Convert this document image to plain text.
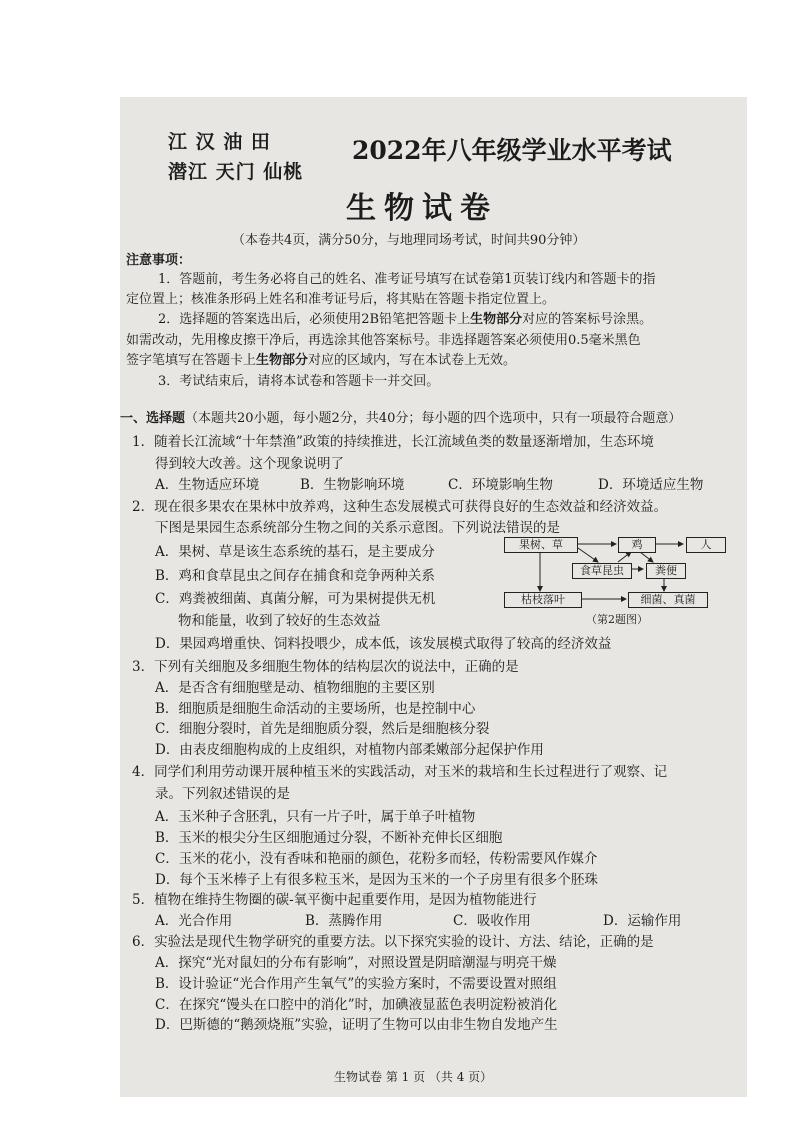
江 汉 油 田
潜江 天门 仙桃
2022年八年级学业水平考试
生物试卷
（本卷共4页，满分50分，与地理同场考试，时间共90分钟）
注意事项：
1．答题前，考生务必将自己的姓名、准考证号填写在试卷第1页装订线内和答题卡的指
定位置上；核准条形码上姓名和准考证号后，将其贴在答题卡指定位置上。
2．选择题的答案选出后，必须使用2B铅笔把答题卡上生物部分对应的答案标号涂黑。
如需改动，先用橡皮擦干净后，再选涂其他答案标号。非选择题答案必须使用0.5毫米黑色
签字笔填写在答题卡上生物部分对应的区域内，写在本试卷上无效。
3．考试结束后，请将本试卷和答题卡一并交回。
一、选择题（本题共20小题，每小题2分，共40分；每小题的四个选项中，只有一项最符合题意）
1．随着长江流域“十年禁渔”政策的持续推进，长江流域鱼类的数量逐渐增加，生态环境
得到较大改善。这个现象说明了
A．生物适应环境	B．生物影响环境	C．环境影响生物	D．环境适应生物
2．现在很多果农在果林中放养鸡，这种生态发展模式可获得良好的生态效益和经济效益。
下图是果园生态系统部分生物之间的关系示意图。下列说法错误的是
A．果树、草是该生态系统的基石，是主要成分
B．鸡和食草昆虫之间存在捕食和竞争两种关系
C．鸡粪被细菌、真菌分解，可为果树提供无机
物和能量，收到了较好的生态效益
D．果园鸡增重快、饲料投喂少，成本低，该发展模式取得了较高的经济效益
果树、草	鸡	人
食草昆虫	粪便
枯枝落叶	细菌、真菌
（第2题图）
3．下列有关细胞及多细胞生物体的结构层次的说法中，正确的是
A．是否含有细胞壁是动、植物细胞的主要区别
B．细胞质是细胞生命活动的主要场所，也是控制中心
C．细胞分裂时，首先是细胞质分裂，然后是细胞核分裂
D．由表皮细胞构成的上皮组织，对植物内部柔嫩部分起保护作用
4．同学们利用劳动课开展种植玉米的实践活动，对玉米的栽培和生长过程进行了观察、记
录。下列叙述错误的是
A．玉米种子含胚乳，只有一片子叶，属于单子叶植物
B．玉米的根尖分生区细胞通过分裂，不断补充伸长区细胞
C．玉米的花小，没有香味和艳丽的颜色，花粉多而轻，传粉需要风作媒介
D．每个玉米棒子上有很多粒玉米，是因为玉米的一个子房里有很多个胚珠
5．植物在维持生物圈的碳-氧平衡中起重要作用，是因为植物能进行
A．光合作用	B．蒸腾作用	C．吸收作用	D．运输作用
6．实验法是现代生物学研究的重要方法。以下探究实验的设计、方法、结论，正确的是
A．探究“光对鼠妇的分布有影响”，对照设置是阴暗潮湿与明亮干燥
B．设计验证“光合作用产生氧气”的实验方案时，不需要设置对照组
C．在探究“馒头在口腔中的消化”时，加碘液显蓝色表明淀粉被消化
D．巴斯德的“鹅颈烧瓶”实验，证明了生物可以由非生物自发地产生
生物试卷 第 1 页 （共 4 页）
